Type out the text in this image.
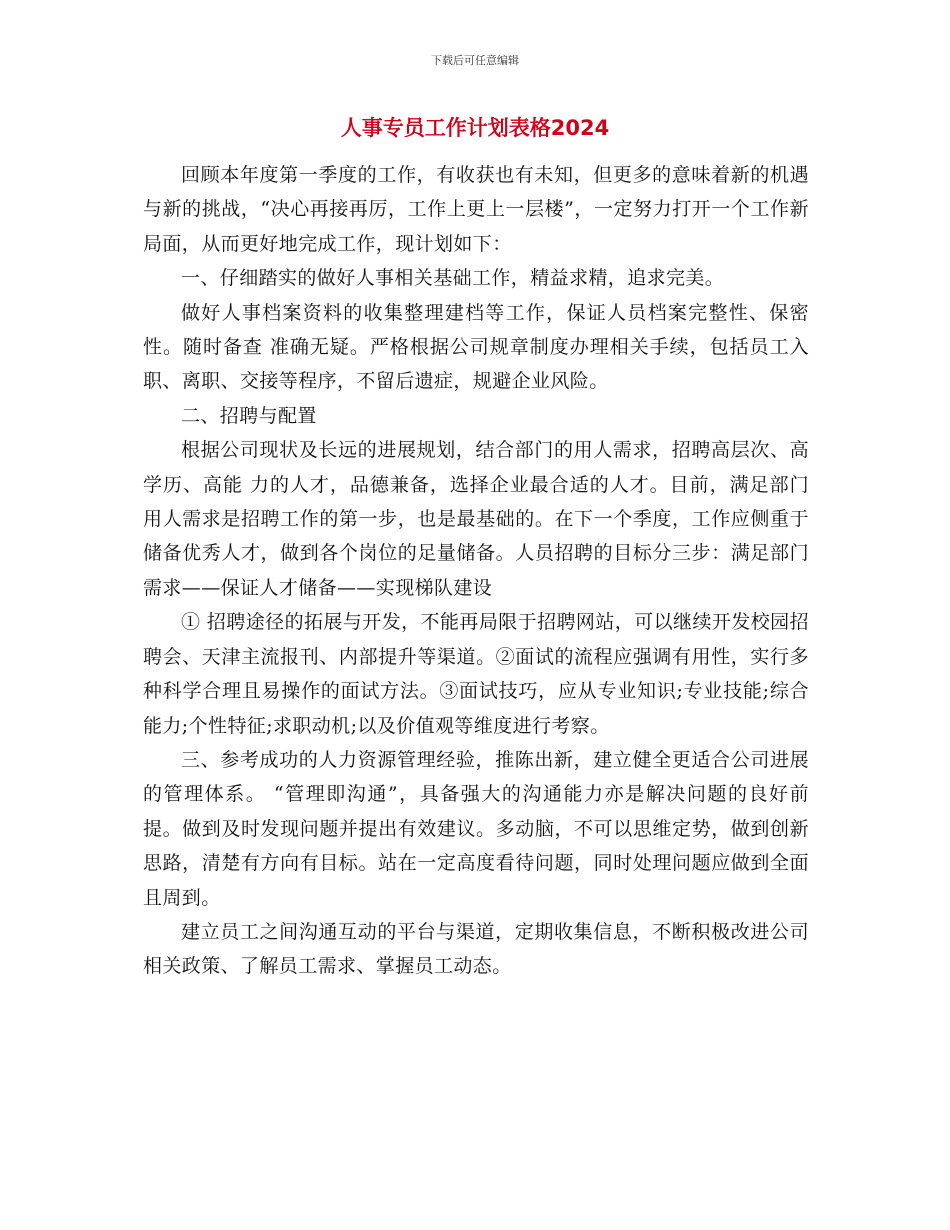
下载后可任意编辑
人事专员工作计划表格2024

回顾本年度第一季度的工作，有收获也有未知，但更多的意味着新的机遇与新的挑战，“决心再接再厉，工作上更上一层楼”，一定努力打开一个工作新局面，从而更好地完成工作，现计划如下：

一、仔细踏实的做好人事相关基础工作，精益求精，追求完美。

做好人事档案资料的收集整理建档等工作，保证人员档案完整性、保密性。随时备查 准确无疑。严格根据公司规章制度办理相关手续，包括员工入职、离职、交接等程序，不留后遗症，规避企业风险。

二、招聘与配置

根据公司现状及长远的进展规划，结合部门的用人需求，招聘高层次、高学历、高能 力的人才，品德兼备，选择企业最合适的人才。目前，满足部门用人需求是招聘工作的第一步，也是最基础的。在下一个季度，工作应侧重于储备优秀人才，做到各个岗位的足量储备。人员招聘的目标分三步：满足部门需求——保证人才储备——实现梯队建设

① 招聘途径的拓展与开发，不能再局限于招聘网站，可以继续开发校园招聘会、天津主流报刊、内部提升等渠道。②面试的流程应强调有用性，实行多种科学合理且易操作的面试方法。③面试技巧，应从专业知识;专业技能;综合能力;个性特征;求职动机;以及价值观等维度进行考察。

三、参考成功的人力资源管理经验，推陈出新，建立健全更适合公司进展的管理体系。 “管理即沟通”，具备强大的沟通能力亦是解决问题的良好前提。做到及时发现问题并提出有效建议。多动脑，不可以思维定势，做到创新思路，清楚有方向有目标。站在一定高度看待问题，同时处理问题应做到全面且周到。

建立员工之间沟通互动的平台与渠道，定期收集信息，不断积极改进公司相关政策、了解员工需求、掌握员工动态。
